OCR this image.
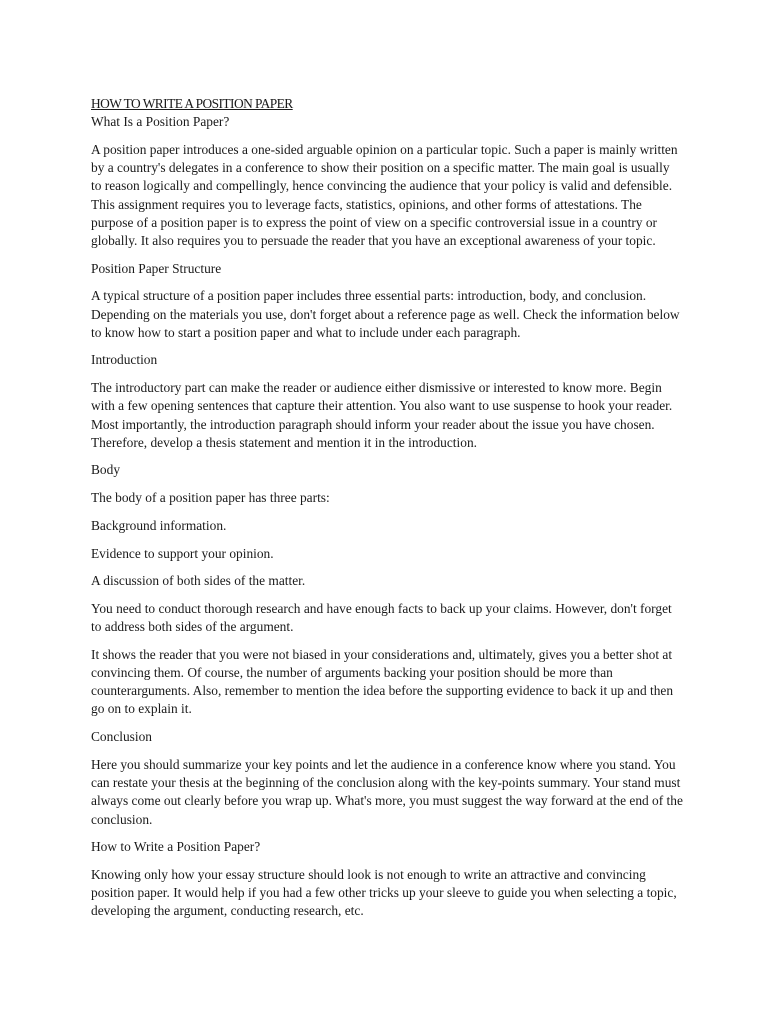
HOW TO WRITE A POSITION PAPER

What Is a Position Paper?

A position paper introduces a one-sided arguable opinion on a particular topic. Such a paper is mainly written by a country's delegates in a conference to show their position on a specific matter. The main goal is usually to reason logically and compellingly, hence convincing the audience that your policy is valid and defensible. This assignment requires you to leverage facts, statistics, opinions, and other forms of attestations. The purpose of a position paper is to express the point of view on a specific controversial issue in a country or globally. It also requires you to persuade the reader that you have an exceptional awareness of your topic.

Position Paper Structure

A typical structure of a position paper includes three essential parts: introduction, body, and conclusion. Depending on the materials you use, don't forget about a reference page as well. Check the information below to know how to start a position paper and what to include under each paragraph.

Introduction

The introductory part can make the reader or audience either dismissive or interested to know more. Begin with a few opening sentences that capture their attention. You also want to use suspense to hook your reader. Most importantly, the introduction paragraph should inform your reader about the issue you have chosen. Therefore, develop a thesis statement and mention it in the introduction.

Body

The body of a position paper has three parts:

Background information.

Evidence to support your opinion.

A discussion of both sides of the matter.

You need to conduct thorough research and have enough facts to back up your claims. However, don't forget to address both sides of the argument.

It shows the reader that you were not biased in your considerations and, ultimately, gives you a better shot at convincing them. Of course, the number of arguments backing your position should be more than counterarguments. Also, remember to mention the idea before the supporting evidence to back it up and then go on to explain it.

Conclusion

Here you should summarize your key points and let the audience in a conference know where you stand. You can restate your thesis at the beginning of the conclusion along with the key-points summary. Your stand must always come out clearly before you wrap up. What's more, you must suggest the way forward at the end of the conclusion.

How to Write a Position Paper?

Knowing only how your essay structure should look is not enough to write an attractive and convincing position paper. It would help if you had a few other tricks up your sleeve to guide you when selecting a topic, developing the argument, conducting research, etc.
